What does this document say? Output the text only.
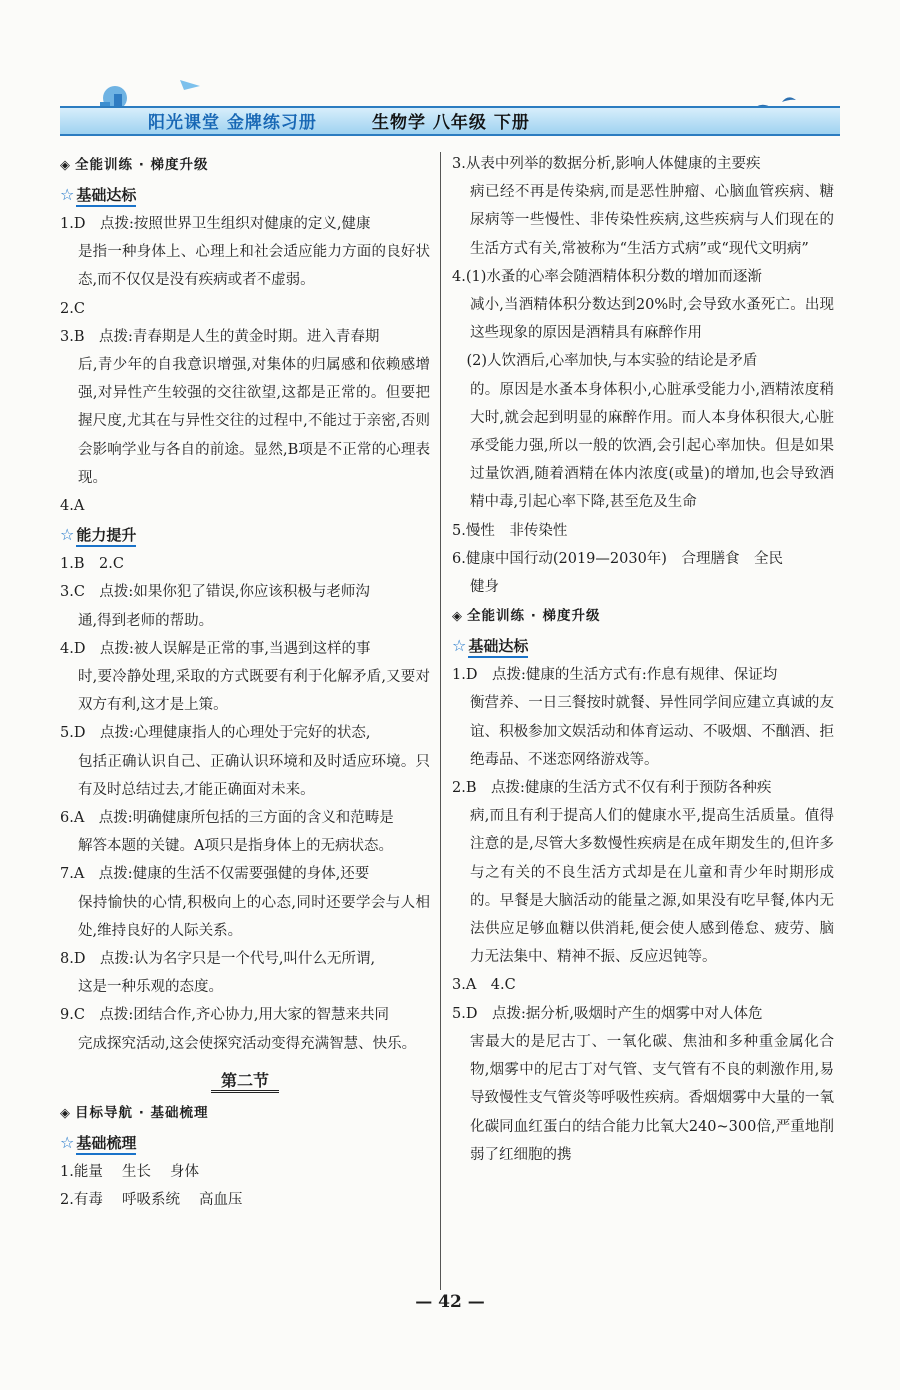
阳光课堂 金牌练习册	生物学 八年级 下册
◈ 全能训练 · 梯度升级
☆ 基础达标
1.D　点拨:按照世界卫生组织对健康的定义,健康
是指一种身体上、心理上和社会适应能力方面的良好状态,而不仅仅是没有疾病或者不虚弱。
2.C
3.B　点拨:青春期是人生的黄金时期。进入青春期
后,青少年的自我意识增强,对集体的归属感和依赖感增强,对异性产生较强的交往欲望,这都是正常的。但要把握尺度,尤其在与异性交往的过程中,不能过于亲密,否则会影响学业与各自的前途。显然,B项是不正常的心理表现。
4.A
☆ 能力提升
1.B　2.C
3.C　点拨:如果你犯了错误,你应该积极与老师沟
通,得到老师的帮助。
4.D　点拨:被人误解是正常的事,当遇到这样的事
时,要冷静处理,采取的方式既要有利于化解矛盾,又要对双方有利,这才是上策。
5.D　点拨:心理健康指人的心理处于完好的状态,
包括正确认识自己、正确认识环境和及时适应环境。只有及时总结过去,才能正确面对未来。
6.A　点拨:明确健康所包括的三方面的含义和范畴是
解答本题的关键。A项只是指身体上的无病状态。
7.A　点拨:健康的生活不仅需要强健的身体,还要
保持愉快的心情,积极向上的心态,同时还要学会与人相处,维持良好的人际关系。
8.D　点拨:认为名字只是一个代号,叫什么无所谓,
这是一种乐观的态度。
9.C　点拨:团结合作,齐心协力,用大家的智慧来共同
完成探究活动,这会使探究活动变得充满智慧、快乐。
第二节
◈ 目标导航 · 基础梳理
☆ 基础梳理
1.能量　 生长　 身体
2.有毒　 呼吸系统　 高血压
3.从表中列举的数据分析,影响人体健康的主要疾
病已经不再是传染病,而是恶性肿瘤、心脑血管疾病、糖尿病等一些慢性、非传染性疾病,这些疾病与人们现在的生活方式有关,常被称为“生活方式病”或“现代文明病”
4.(1)水蚤的心率会随酒精体积分数的增加而逐渐
减小,当酒精体积分数达到20%时,会导致水蚤死亡。出现这些现象的原因是酒精具有麻醉作用
　(2)人饮酒后,心率加快,与本实验的结论是矛盾
的。原因是水蚤本身体积小,心脏承受能力小,酒精浓度稍大时,就会起到明显的麻醉作用。而人本身体积很大,心脏承受能力强,所以一般的饮酒,会引起心率加快。但是如果过量饮酒,随着酒精在体内浓度(或量)的增加,也会导致酒精中毒,引起心率下降,甚至危及生命
5.慢性　非传染性
6.健康中国行动(2019—2030年)　合理膳食　全民
健身
◈ 全能训练 · 梯度升级
☆ 基础达标
1.D　点拨:健康的生活方式有:作息有规律、保证均
衡营养、一日三餐按时就餐、异性同学间应建立真诚的友谊、积极参加文娱活动和体育运动、不吸烟、不酗酒、拒绝毒品、不迷恋网络游戏等。
2.B　点拨:健康的生活方式不仅有利于预防各种疾
病,而且有利于提高人们的健康水平,提高生活质量。值得注意的是,尽管大多数慢性疾病是在成年期发生的,但许多与之有关的不良生活方式却是在儿童和青少年时期形成的。早餐是大脑活动的能量之源,如果没有吃早餐,体内无法供应足够血糖以供消耗,便会使人感到倦怠、疲劳、脑力无法集中、精神不振、反应迟钝等。
3.A　4.C
5.D　点拨:据分析,吸烟时产生的烟雾中对人体危
害最大的是尼古丁、一氧化碳、焦油和多种重金属化合物,烟雾中的尼古丁对气管、支气管有不良的刺激作用,易导致慢性支气管炎等呼吸性疾病。香烟烟雾中大量的一氧化碳同血红蛋白的结合能力比氧大240~300倍,严重地削弱了红细胞的携
— 42 —
